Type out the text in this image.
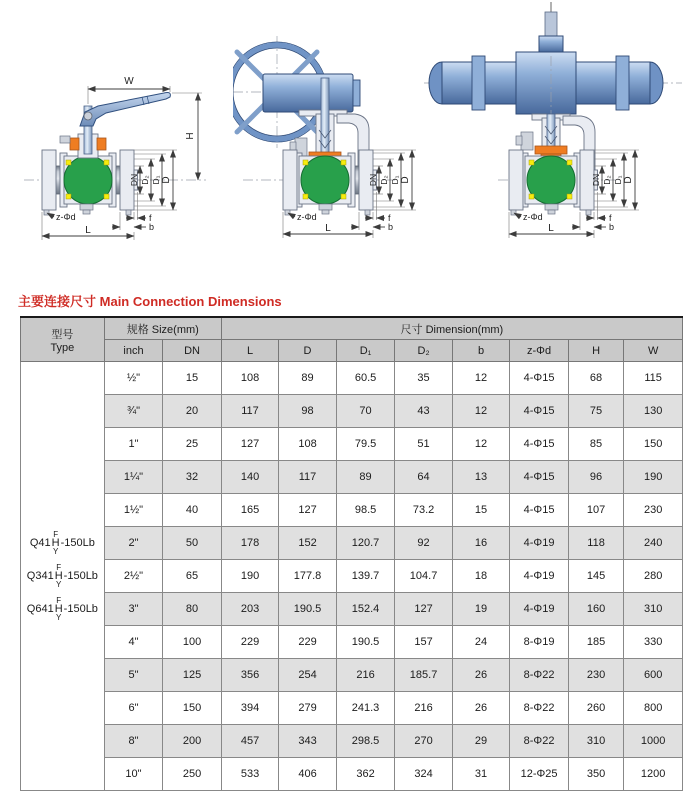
W
H
DN D₂ D₁ D
z-Φd	f
b
L
DN D₂ D₁ D
z-Φd	f
b
L
DN D₂ D₁ D
z-Φd	f
b
L
主要连接尺寸 Main Connection Dimensions
型号
Type	规格 Size(mm)		尺寸 Dimension(mm)							
	inch	DN	L	D	D₁	D₂	b	z-Φd	H	W

Q41
F
H
Y
-150Lb
Q341
F
H
Y
-150Lb
Q641
F
H
Y
-150Lb
	½"	15	108	89	60.5	35	12	4-Φ15	68	115
	¾"	20	117	98	70	43	12	4-Φ15	75	130
	1"	25	127	108	79.5	51	12	4-Φ15	85	150
	1¼"	32	140	117	89	64	13	4-Φ15	96	190
	1½"	40	165	127	98.5	73.2	15	4-Φ15	107	230
	2"	50	178	152	120.7	92	16	4-Φ19	118	240
	2½"	65	190	177.8	139.7	104.7	18	4-Φ19	145	280
	3"	80	203	190.5	152.4	127	19	4-Φ19	160	310
	4"	100	229	229	190.5	157	24	8-Φ19	185	330
	5"	125	356	254	216	185.7	26	8-Φ22	230	600
	6"	150	394	279	241.3	216	26	8-Φ22	260	800
	8"	200	457	343	298.5	270	29	8-Φ22	310	1000
	10"	250	533	406	362	324	31	12-Φ25	350	1200
